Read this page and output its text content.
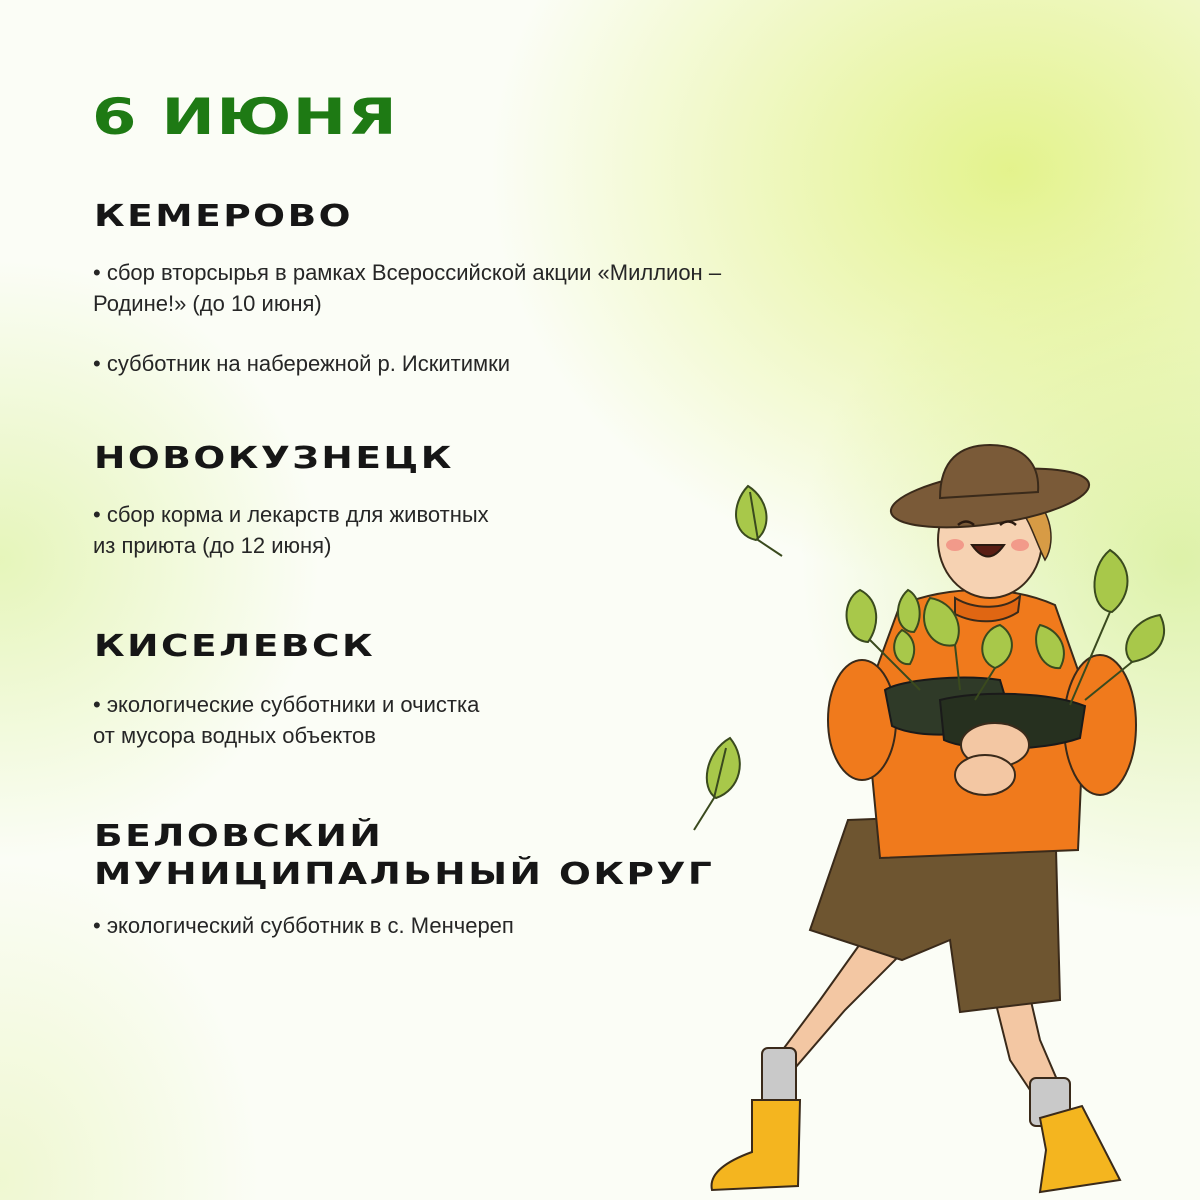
6 ИЮНЯ
КЕМЕРОВО

• сбор вторсырья в рамках Всероссийской акции «Миллион –

Родине!» (до 10 июня)

• субботник на набережной р. Искитимки

НОВОКУЗНЕЦК

• сбор корма и лекарств для животных

из приюта (до 12 июня)

КИСЕЛЕВСК

• экологические субботники и очистка

от мусора водных объектов

БЕЛОВСКИЙ
МУНИЦИПАЛЬНЫЙ ОКРУГ

• экологический субботник в с. Менчереп
